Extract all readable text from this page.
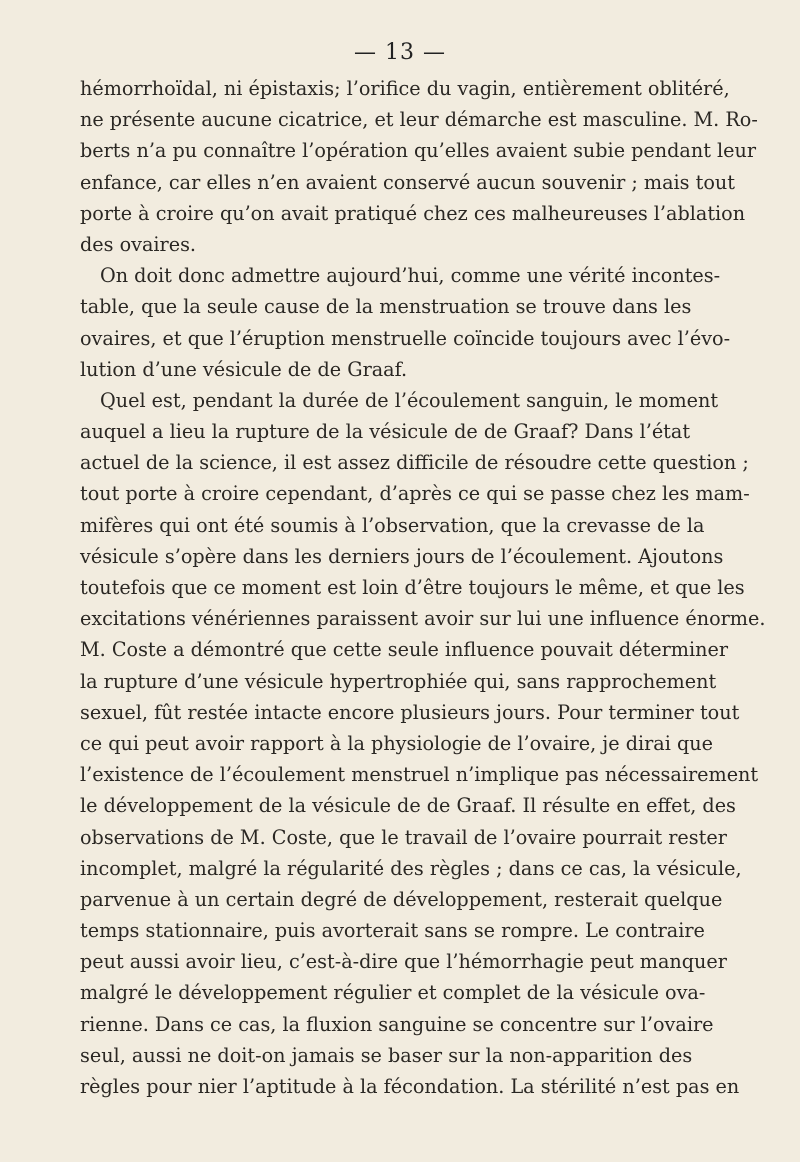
— 13 —
hémorrhoïdal, ni épistaxis; l’orifice du vagin, entièrement oblitéré,
ne présente aucune cicatrice, et leur démarche est masculine. M. Ro-
berts n’a pu connaître l’opération qu’elles avaient subie pendant leur
enfance, car elles n’en avaient conservé aucun souvenir ; mais tout
porte à croire qu’on avait pratiqué chez ces malheureuses l’ablation
des ovaires.
On doit donc admettre aujourd’hui, comme une vérité incontes-
table, que la seule cause de la menstruation se trouve dans les
ovaires, et que l’éruption menstruelle coïncide toujours avec l’évo-
lution d’une vésicule de de Graaf.
Quel est, pendant la durée de l’écoulement sanguin, le moment
auquel a lieu la rupture de la vésicule de de Graaf? Dans l’état
actuel de la science, il est assez difficile de résoudre cette question ;
tout porte à croire cependant, d’après ce qui se passe chez les mam-
mifères qui ont été soumis à l’observation, que la crevasse de la
vésicule s’opère dans les derniers jours de l’écoulement. Ajoutons
toutefois que ce moment est loin d’être toujours le même, et que les
excitations vénériennes paraissent avoir sur lui une influence énorme.
M. Coste a démontré que cette seule influence pouvait déterminer
la rupture d’une vésicule hypertrophiée qui, sans rapprochement
sexuel, fût restée intacte encore plusieurs jours. Pour terminer tout
ce qui peut avoir rapport à la physiologie de l’ovaire, je dirai que
l’existence de l’écoulement menstruel n’implique pas nécessairement
le développement de la vésicule de de Graaf. Il résulte en effet, des
observations de M. Coste, que le travail de l’ovaire pourrait rester
incomplet, malgré la régularité des règles ; dans ce cas, la vésicule,
parvenue à un certain degré de développement, resterait quelque
temps stationnaire, puis avorterait sans se rompre. Le contraire
peut aussi avoir lieu, c’est-à-dire que l’hémorrhagie peut manquer
malgré le développement régulier et complet de la vésicule ova-
rienne. Dans ce cas, la fluxion sanguine se concentre sur l’ovaire
seul, aussi ne doit-on jamais se baser sur la non-apparition des
règles pour nier l’aptitude à la fécondation. La stérilité n’est pas en
